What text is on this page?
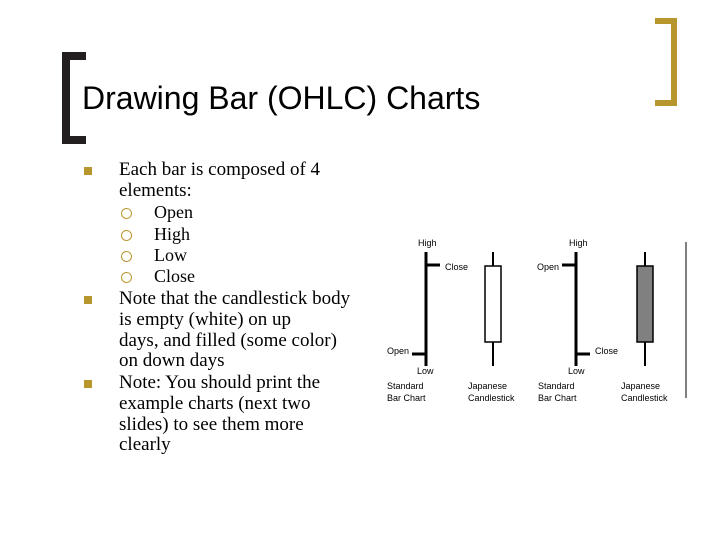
Drawing Bar (OHLC) Charts
Each bar is composed of 4
elements:
Open
High
Low
Close
Note that the candlestick body
is empty (white) on up
days, and filled (some color)
on down days
Note: You should print the
example charts (next two
slides) to see them more
clearly
High
Close
Open
Low
High
Open
Close
Low
Standard
Bar Chart
Japanese
Candlestick
Standard
Bar Chart
Japanese
Candlestick
